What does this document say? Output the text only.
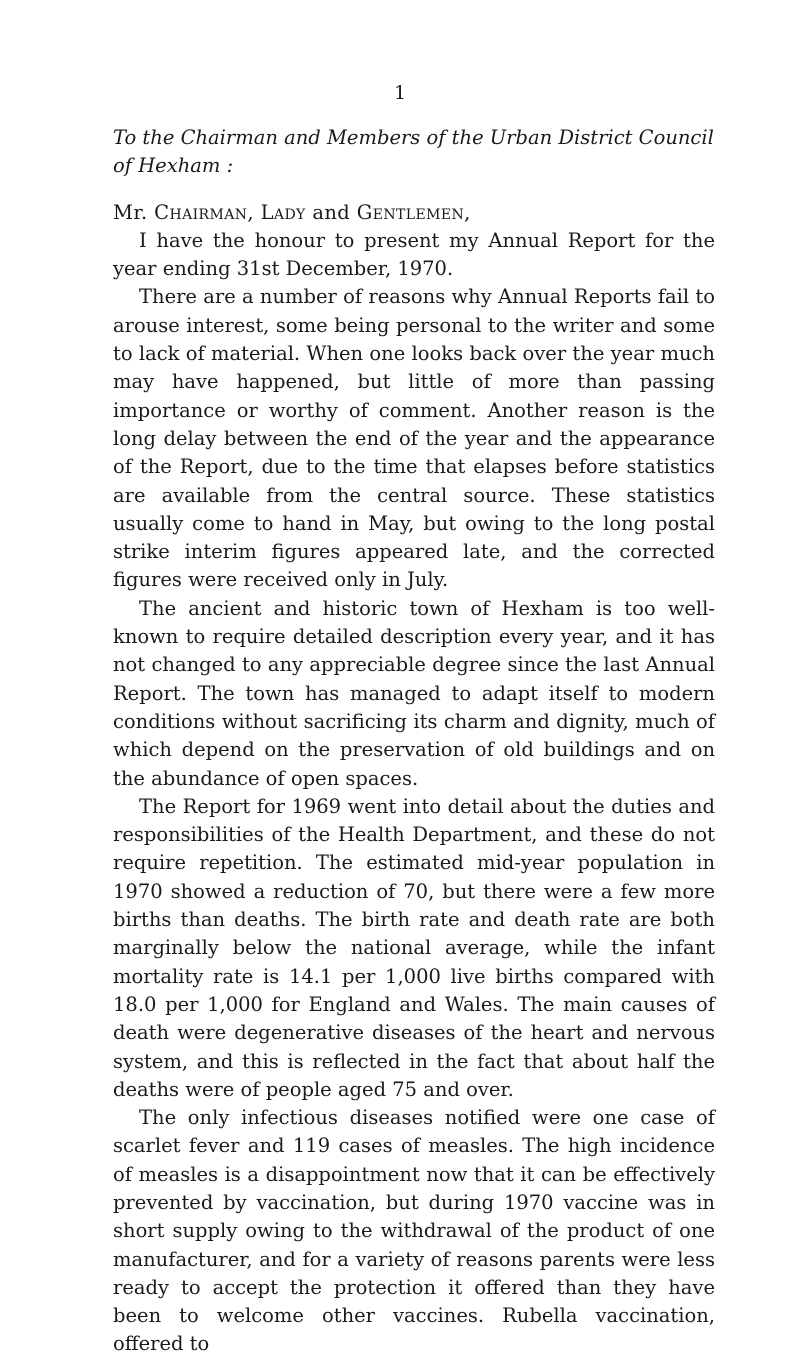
1

To the Chairman and Members of the Urban District Council of Hexham :

Mr. Chairman, Lady and Gentlemen,

I have the honour to present my Annual Report for the year ending 31st December, 1970.

There are a number of reasons why Annual Reports fail to arouse interest, some being personal to the writer and some to lack of material. When one looks back over the year much may have happened, but little of more than passing importance or worthy of comment. Another reason is the long delay between the end of the year and the appearance of the Report, due to the time that elapses before statistics are available from the central source. These statistics usually come to hand in May, but owing to the long postal strike interim figures appeared late, and the corrected figures were received only in July.

The ancient and historic town of Hexham is too well-known to require detailed description every year, and it has not changed to any appreciable degree since the last Annual Report. The town has managed to adapt itself to modern conditions without sacrificing its charm and dignity, much of which depend on the preservation of old buildings and on the abundance of open spaces.

The Report for 1969 went into detail about the duties and responsibilities of the Health Department, and these do not require repetition. The estimated mid-year population in 1970 showed a reduction of 70, but there were a few more births than deaths. The birth rate and death rate are both marginally below the national average, while the infant mortality rate is 14.1 per 1,000 live births compared with 18.0 per 1,000 for England and Wales. The main causes of death were degenerative diseases of the heart and nervous system, and this is reflected in the fact that about half the deaths were of people aged 75 and over.

The only infectious diseases notified were one case of scarlet fever and 119 cases of measles. The high incidence of measles is a disappointment now that it can be effectively prevented by vaccination, but during 1970 vaccine was in short supply owing to the withdrawal of the product of one manufacturer, and for a variety of reasons parents were less ready to accept the protection it offered than they have been to welcome other vaccines. Rubella vaccination, offered to
